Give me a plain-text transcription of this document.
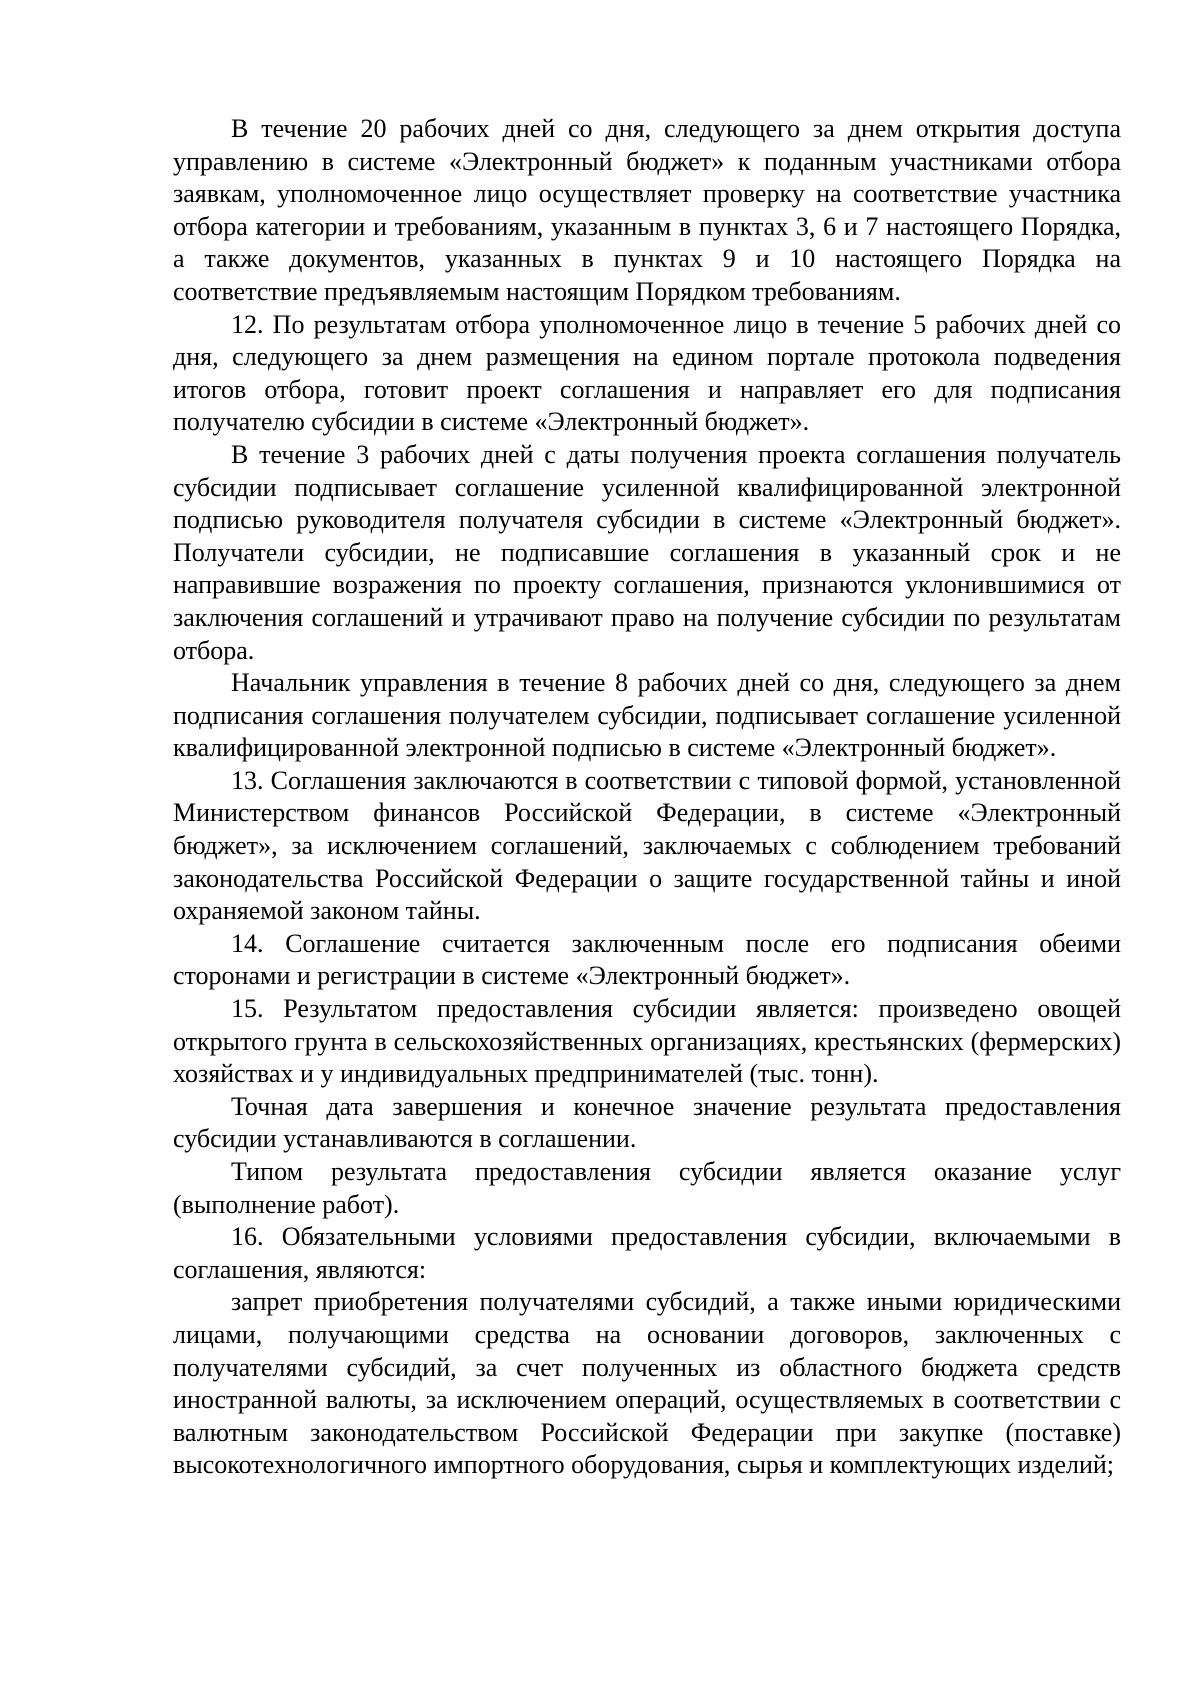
В течение 20 рабочих дней со дня, следующего за днем открытия доступа управлению в системе «Электронный бюджет» к поданным участниками отбора заявкам, уполномоченное лицо осуществляет проверку на соответствие участника отбора категории и требованиям, указанным в пунктах 3, 6 и 7 настоящего Порядка, а также документов, указанных в пунктах 9 и 10 настоящего Порядка на соответствие предъявляемым настоящим Порядком требованиям.

12. По результатам отбора уполномоченное лицо в течение 5 рабочих дней со дня, следующего за днем размещения на едином портале протокола подведения итогов отбора, готовит проект соглашения и направляет его для подписания получателю субсидии в системе «Электронный бюджет».

В течение 3 рабочих дней с даты получения проекта соглашения получатель субсидии подписывает соглашение усиленной квалифицированной электронной подписью руководителя получателя субсидии в системе «Электронный бюджет». Получатели субсидии, не подписавшие соглашения в указанный срок и не направившие возражения по проекту соглашения, признаются уклонившимися от заключения соглашений и утрачивают право на получение субсидии по результатам отбора.

Начальник управления в течение 8 рабочих дней со дня, следующего за днем подписания соглашения получателем субсидии, подписывает соглашение усиленной квалифицированной электронной подписью в системе «Электронный бюджет».

13. Соглашения заключаются в соответствии с типовой формой, установленной Министерством финансов Российской Федерации, в системе «Электронный бюджет», за исключением соглашений, заключаемых с соблюдением требований законодательства Российской Федерации о защите государственной тайны и иной охраняемой законом тайны.

14. Соглашение считается заключенным после его подписания обеими сторонами и регистрации в системе «Электронный бюджет».

15. Результатом предоставления субсидии является: произведено овощей открытого грунта в сельскохозяйственных организациях, крестьянских (фермерских) хозяйствах и у индивидуальных предпринимателей (тыс. тонн).

Точная дата завершения и конечное значение результата предоставления субсидии устанавливаются в соглашении.

Типом результата предоставления субсидии является оказание услуг (выполнение работ).

16. Обязательными условиями предоставления субсидии, включаемыми в соглашения, являются:

запрет приобретения получателями субсидий, а также иными юридическими лицами, получающими средства на основании договоров, заключенных с получателями субсидий, за счет полученных из областного бюджета средств иностранной валюты, за исключением операций, осуществляемых в соответствии с валютным законодательством Российской Федерации при закупке (поставке) высокотехнологичного импортного оборудования, сырья и комплектующих изделий;
